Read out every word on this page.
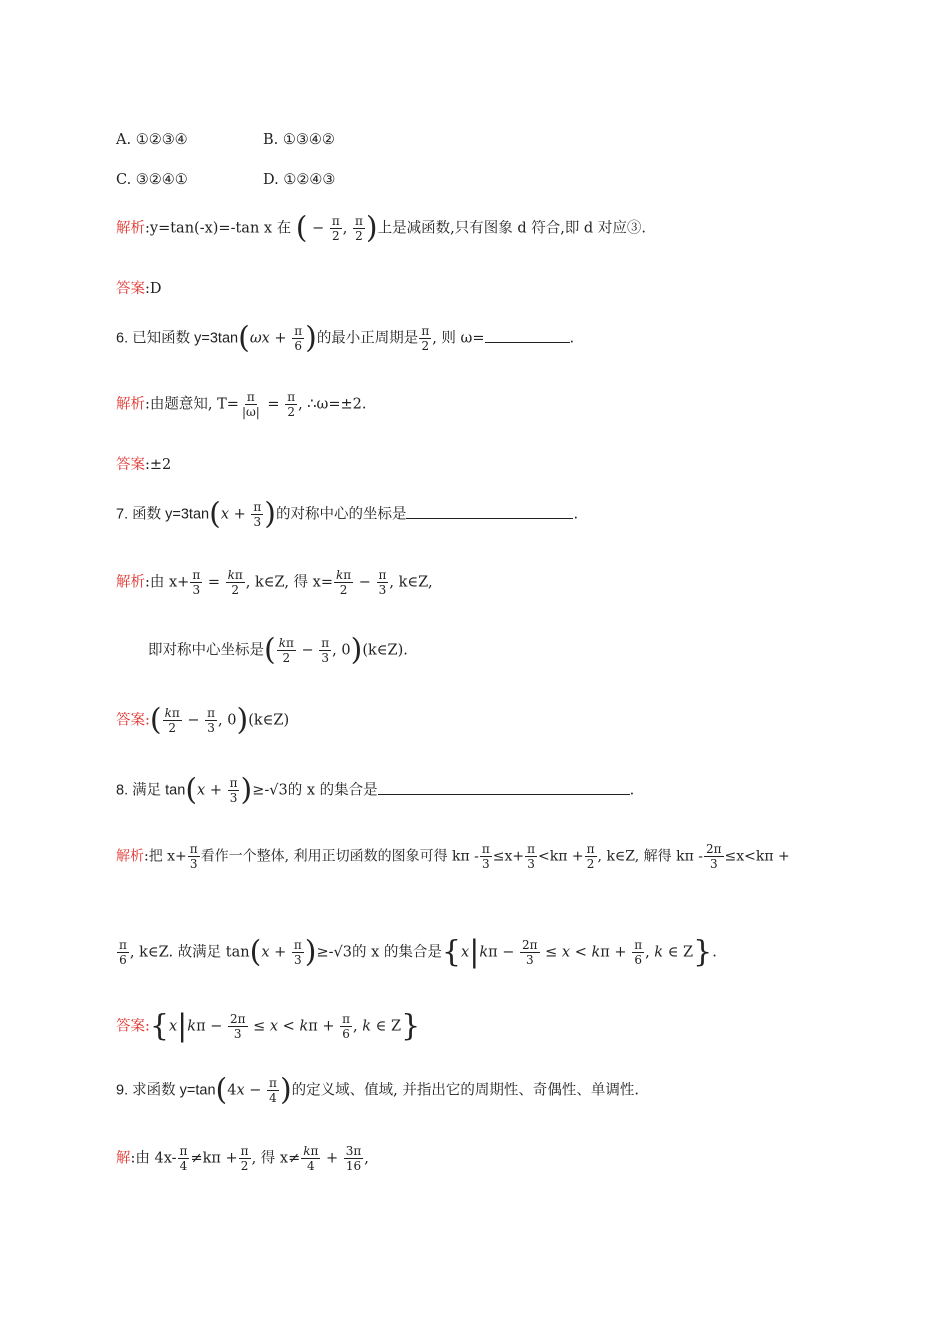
A. ①②③④	B. ①③④②
C. ③②④①	D. ①②④③
解析:y=tan(-x)=-tan x 在 ( − $\frac{\pi}{2}$ , $\frac{\pi}{2}$ )上是减函数,只有图象 d 符合,即 d 对应③.
答案:D
6. 已知函数 $y=3\tan(\omega x + \frac{\pi}{6}$ )的最小正周期是 $\frac{\pi}{2}$ , 则 ω=	.
解析:由题意知, $T= \frac{\pi}{|\omega|} = \frac{\pi}{2}$ , ∴ω=±2.
答案:±2
7. 函数 $y=3\tan(x + \frac{\pi}{3}$ )的对称中心的坐标是	.
解析:由 $x+ \frac{\pi}{3} = \frac{k\pi}{2}$ , k∈Z, 得 $x= \frac{k\pi}{2} - \frac{\pi}{3}$ , k∈Z,
即对称中心坐标是( $\frac{k\pi}{2} - \frac{\pi}{3}$ , 0)(k∈Z).
答案:( $\frac{k\pi}{2} - \frac{\pi}{3}$ , 0)(k∈Z)
8. 满足 $\tan(x + \frac{\pi}{3} )\ge-√3$的 x 的集合是	.
解析:把 $x+ \frac{\pi}{3}$ 看作一个整体, 利用正切函数的图象可得 $k\pi - \frac{\pi}{3} \le x+ \frac{\pi}{3} <k\pi + \frac{\pi}{2}$ , k∈Z, 解得 $k\pi - \frac{2\pi}{3} \le x<k\pi$ +
$\frac{\pi}{6}$ , k∈Z. 故满足 $\tan(x + \frac{\pi}{3} )\ge-√3$的 x 的集合是{$x|k\pi - \frac{2\pi}{3} \le x < k\pi + \frac{\pi}{6}$ , k ∈ Z}.
答案:{x|kπ − $\frac{2\pi}{3} \le x < k\pi + \frac{\pi}{6}$ , k ∈ Z}
9. 求函数 $y=\tan(4x - \frac{\pi}{4}$ )的定义域、值域, 并指出它的周期性、奇偶性、单调性.
解:由 $4x- \frac{\pi}{4} \ne k\pi + \frac{\pi}{2}$ , 得 $x\ne \frac{k\pi}{4} + \frac{3\pi}{16}$ ,
